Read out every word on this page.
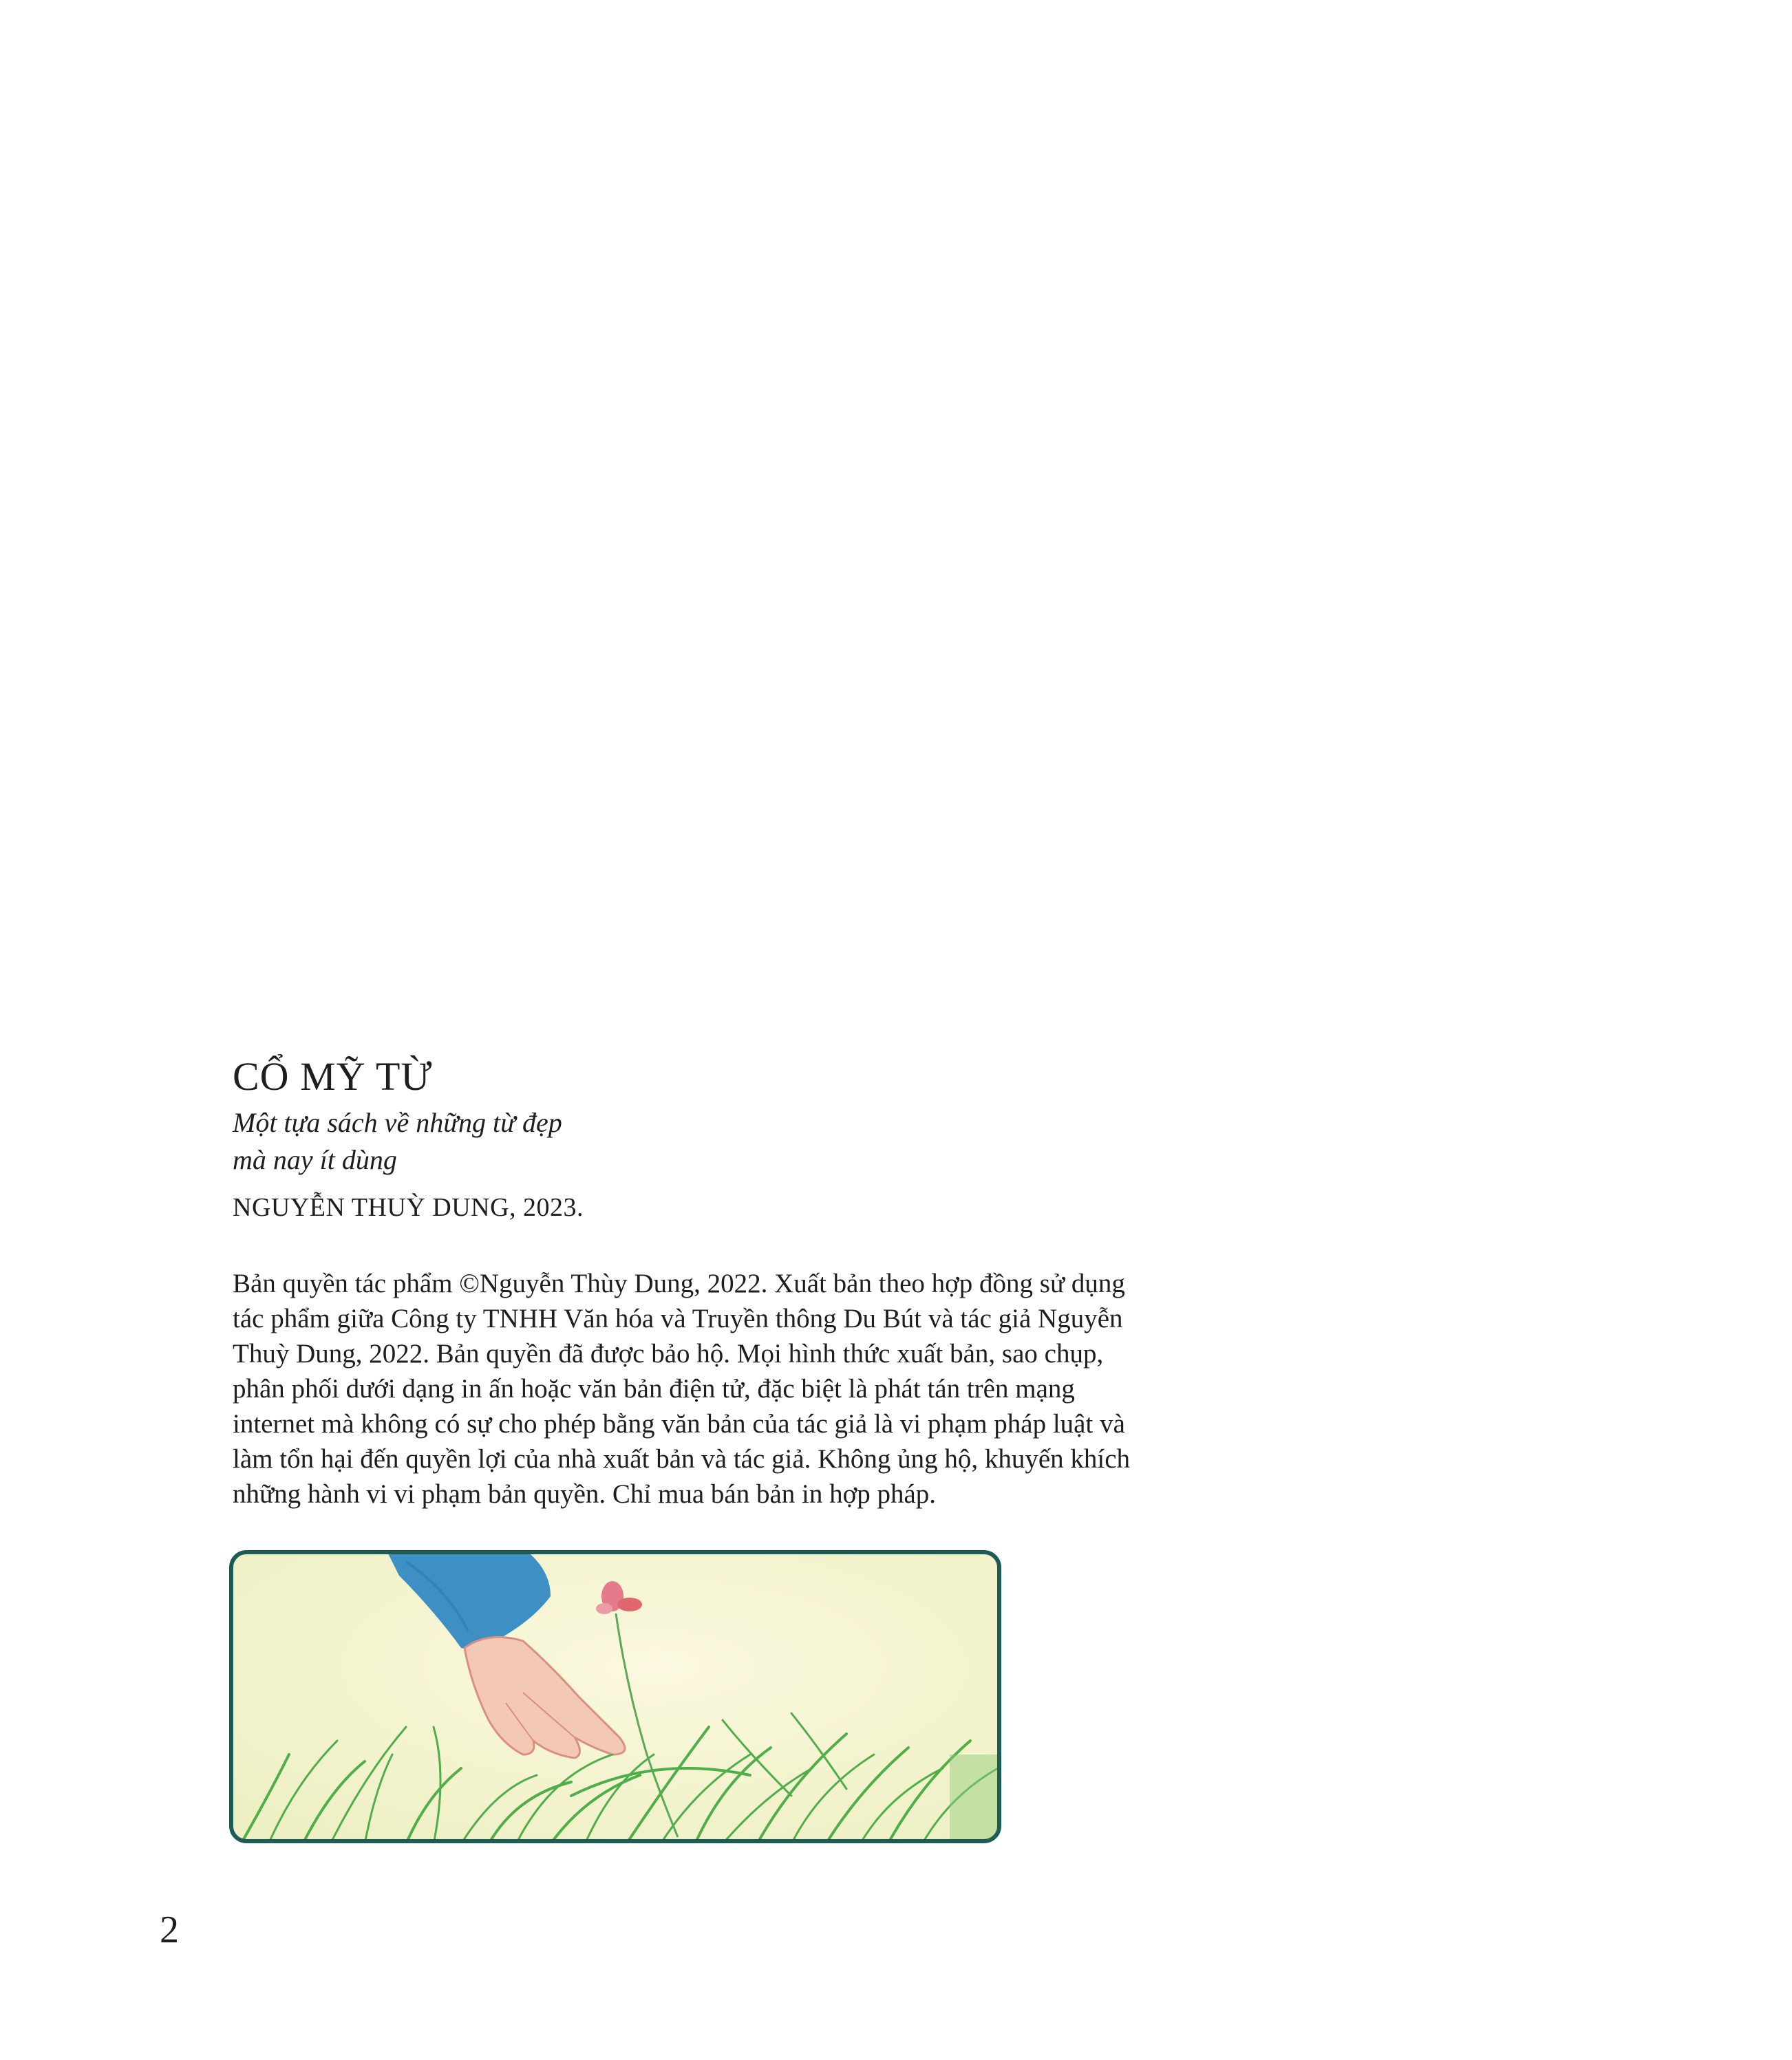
CỔ MỸ TỪ
Một tựa sách về những từ đẹp
mà nay ít dùng

NGUYỄN THUỲ DUNG, 2023.

Bản quyền tác phẩm ©Nguyễn Thùy Dung, 2022. Xuất bản theo hợp đồng sử dụng
tác phẩm giữa Công ty TNHH Văn hóa và Truyền thông Du Bút và tác giả Nguyễn
Thuỳ Dung, 2022. Bản quyền đã được bảo hộ. Mọi hình thức xuất bản, sao chụp,
phân phối dưới dạng in ấn hoặc văn bản điện tử, đặc biệt là phát tán trên mạng
internet mà không có sự cho phép bằng văn bản của tác giả là vi phạm pháp luật và
làm tổn hại đến quyền lợi của nhà xuất bản và tác giả. Không ủng hộ, khuyến khích
những hành vi vi phạm bản quyền. Chỉ mua bán bản in hợp pháp.

2
